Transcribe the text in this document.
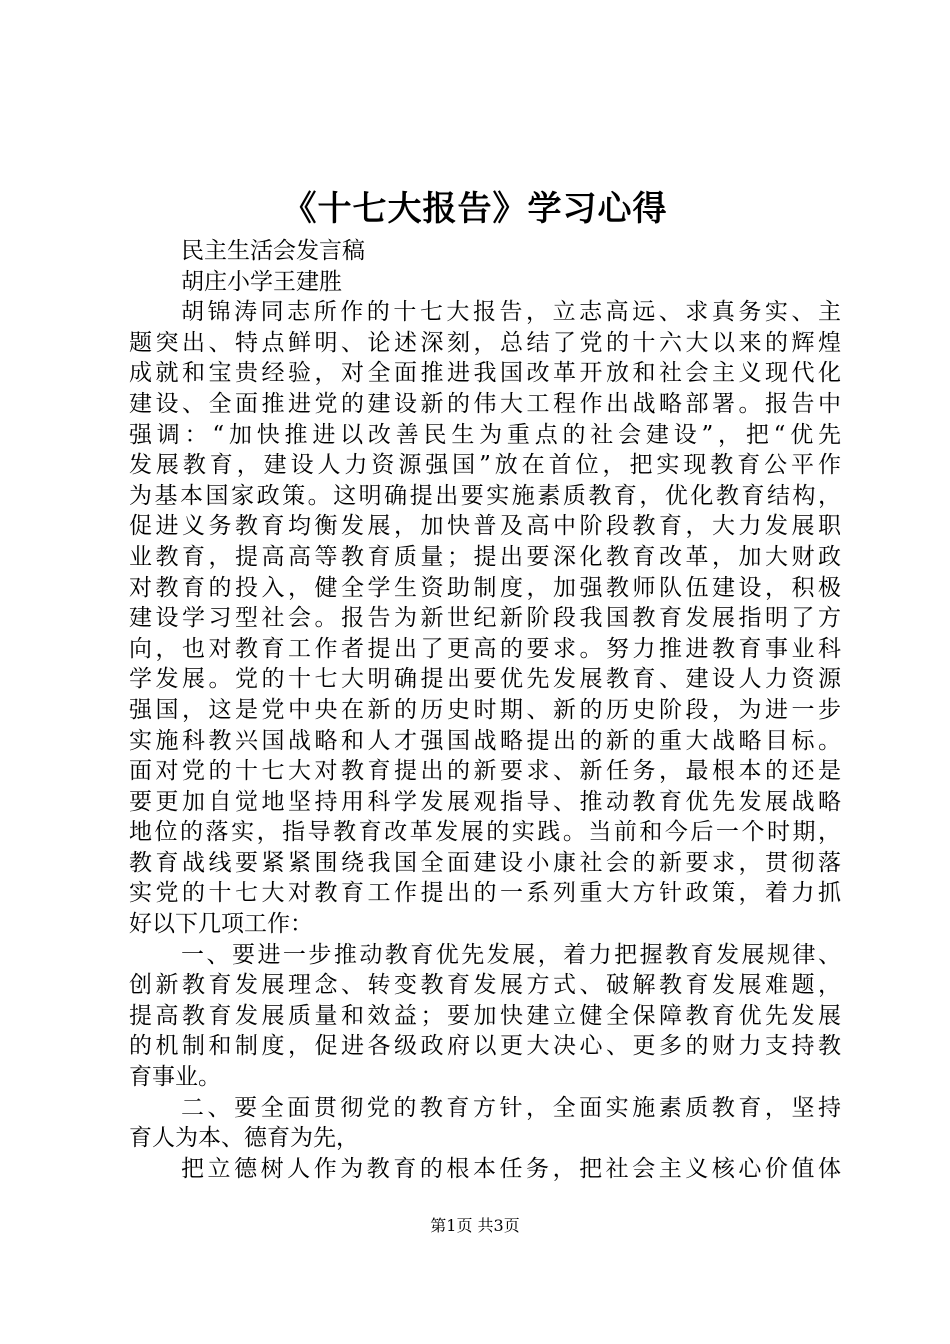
《十七大报告》学习心得
民主生活会发言稿
胡庄小学王建胜
胡锦涛同志所作的十七大报告，立志高远、求真务实、主
题突出、特点鲜明、论述深刻，总结了党的十六大以来的辉煌
成就和宝贵经验，对全面推进我国改革开放和社会主义现代化
建设、全面推进党的建设新的伟大工程作出战略部署。报告中
强调：“加快推进以改善民生为重点的社会建设”，把“优先
发展教育，建设人力资源强国”放在首位，把实现教育公平作
为基本国家政策。这明确提出要实施素质教育，优化教育结构，
促进义务教育均衡发展，加快普及高中阶段教育，大力发展职
业教育，提高高等教育质量；提出要深化教育改革，加大财政
对教育的投入，健全学生资助制度，加强教师队伍建设，积极
建设学习型社会。报告为新世纪新阶段我国教育发展指明了方
向，也对教育工作者提出了更高的要求。努力推进教育事业科
学发展。党的十七大明确提出要优先发展教育、建设人力资源
强国，这是党中央在新的历史时期、新的历史阶段，为进一步
实施科教兴国战略和人才强国战略提出的新的重大战略目标。
面对党的十七大对教育提出的新要求、新任务，最根本的还是
要更加自觉地坚持用科学发展观指导、推动教育优先发展战略
地位的落实，指导教育改革发展的实践。当前和今后一个时期，
教育战线要紧紧围绕我国全面建设小康社会的新要求，贯彻落
实党的十七大对教育工作提出的一系列重大方针政策，着力抓
好以下几项工作：
一、要进一步推动教育优先发展，着力把握教育发展规律、
创新教育发展理念、转变教育发展方式、破解教育发展难题，
提高教育发展质量和效益；要加快建立健全保障教育优先发展
的机制和制度，促进各级政府以更大决心、更多的财力支持教
育事业。
二、要全面贯彻党的教育方针，全面实施素质教育，坚持
育人为本、德育为先，
把立德树人作为教育的根本任务，把社会主义核心价值体
第1页 共3页
